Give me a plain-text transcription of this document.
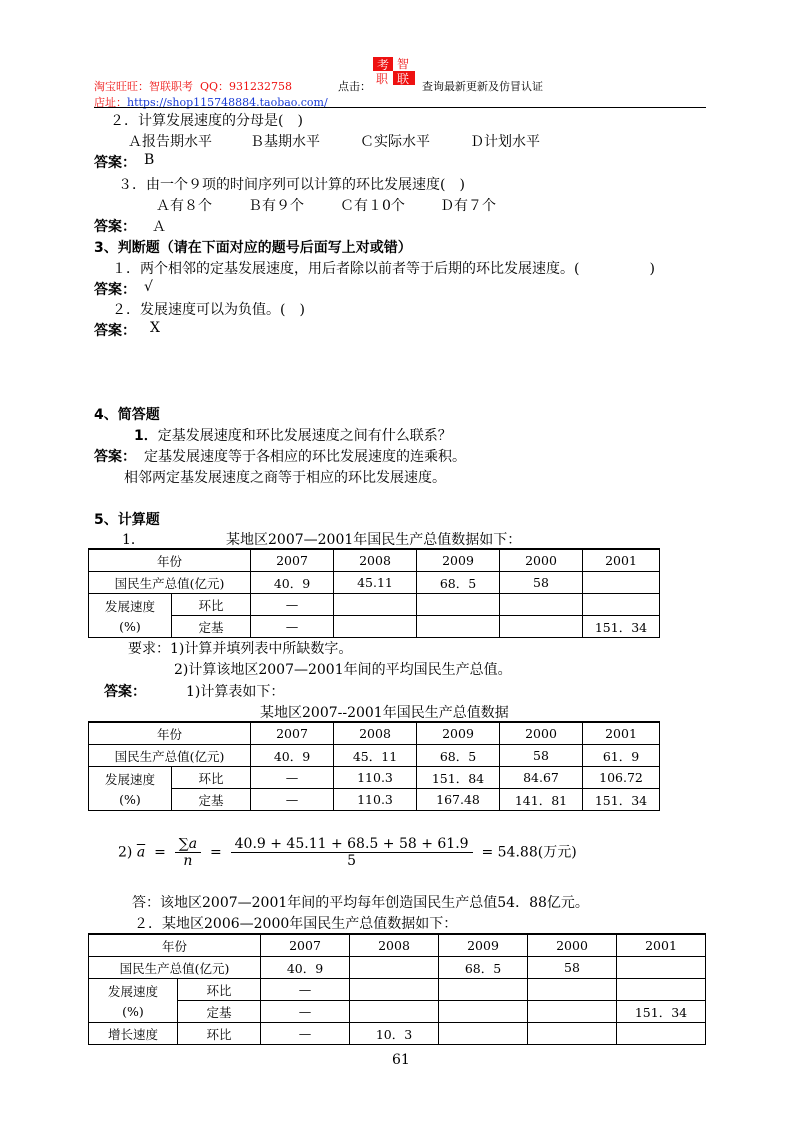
淘宝旺旺：智联职考 QQ：931232758	点击：
考 智
职 联
查询最新更新及仿冒认证
店址：https://shop115748884.taobao.com/
２．计算发展速度的分母是(　)
Ａ报告期水平	Ｂ基期水平	Ｃ实际水平	Ｄ计划水平
答案： B
３．由一个９项的时间序列可以计算的环比发展速度(　)
Ａ有８个	Ｂ有９个	Ｃ有１0个	Ｄ有７个
答案： Ａ
3、判断题（请在下面对应的题号后面写上对或错）
１．两个相邻的定基发展速度，用后者除以前者等于后期的环比发展速度。(　　　　　)
答案： √
２．发展速度可以为负值。(　)
答案： X
4、简答题
1．定基发展速度和环比发展速度之间有什么联系？
答案： 定基发展速度等于各相应的环比发展速度的连乘积。
相邻两定基发展速度之商等于相应的环比发展速度。
5、计算题
1．	某地区2007—2001年国民生产总值数据如下：
年份		2007	2008	2009	2000	2001
国民生产总值(亿元)		40．9	45.11	68．5	58	

发展速度
(%)	环比	—				
	定基	—				151．34
要求：1)计算并填列表中所缺数字。
2)计算该地区2007—2001年间的平均国民生产总值。
答案：	1)计算表如下：
某地区2007--2001年国民生产总值数据
年份		2007	2008	2009	2000	2001
国民生产总值(亿元)		40．9	45．11	68．5	58	61．9

发展速度
(%)	环比	—	110.3	151．84	84.67	106.72
	定基	—	110.3	167.48	141．81	151．34
2) $\overline{a} = \frac{\sum a}{n} = \frac{40.9 + 45.11 + 68.5 + 58 + 61.9}{5} = 54.88$(万元)
答：该地区2007—2001年间的平均每年创造国民生产总值54．88亿元。
２．某地区2006—2000年国民生产总值数据如下：
年份		2007	2008	2009	2000	2001
国民生产总值(亿元)		40．9		68．5	58	

发展速度
(%)	环比	—				
	定基	—				151．34
增长速度	环比	—	10．3			
61
